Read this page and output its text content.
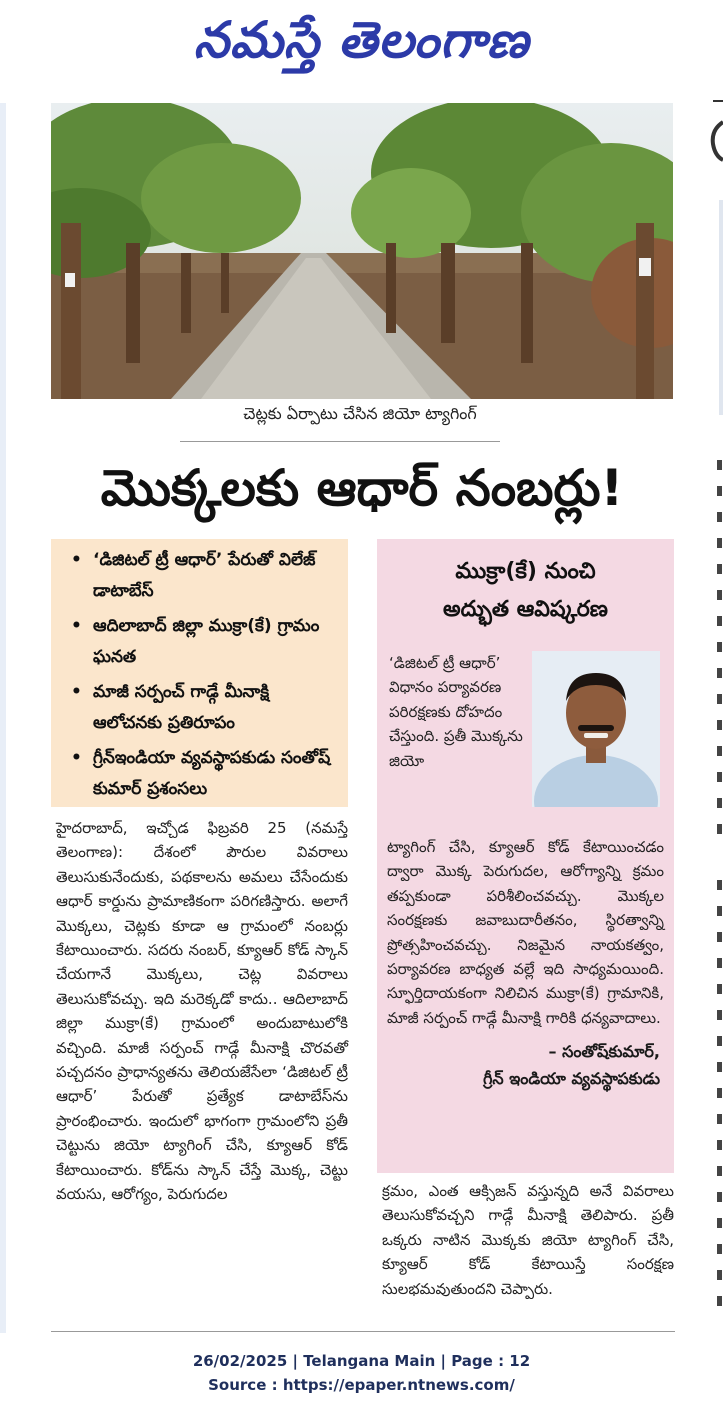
నమస్తే తెలంగాణ
చెట్లకు ఏర్పాటు చేసిన జియో ట్యాగింగ్
మొక్కలకు ఆధార్ నంబర్లు!
• ‘డిజిటల్ ట్రీ ఆధార్’ పేరుతో విలేజ్ డాటాబేస్
• ఆదిలాబాద్ జిల్లా ముక్రా(కే) గ్రామం ఘనత
• మాజీ సర్పంచ్ గాడ్గే మీనాక్షి ఆలోచనకు ప్రతిరూపం
• గ్రీన్ఇండియా వ్యవస్థాపకుడు సంతోష్ కుమార్ ప్రశంసలు
హైదరాబాద్, ఇచ్చోడ ఫిబ్రవరి 25 (నమస్తే తెలంగాణ): దేశంలో పౌరుల వివరాలు తెలుసుకునేందుకు, పథకాలను అమలు చేసేందుకు ఆధార్ కార్డును ప్రామాణికంగా పరిగణిస్తారు. అలాగే మొక్కలు, చెట్లకు కూడా ఆ గ్రామంలో నంబర్లు కేటాయించారు. సదరు నంబర్, క్యూఆర్ కోడ్ స్కాన్ చేయగానే మొక్కలు, చెట్ల వివరాలు తెలుసుకోవచ్చు. ఇది మరెక్కడో కాదు.. ఆదిలాబాద్ జిల్లా ముక్రా(కే) గ్రామంలో అందుబాటులోకి వచ్చింది. మాజీ సర్పంచ్ గాడ్గే మీనాక్షి చొరవతో పచ్చదనం ప్రాధాన్యతను తెలియజేసేలా ‘డిజిటల్ ట్రీ ఆధార్’ పేరుతో ప్రత్యేక డాటాబేస్‌ను ప్రారంభించారు. ఇందులో భాగంగా గ్రామంలోని ప్రతీ చెట్టును జియో ట్యాగింగ్ చేసి, క్యూఆర్ కోడ్ కేటాయించారు. కోడ్‌ను స్కాన్ చేస్తే మొక్క, చెట్టు వయసు, ఆరోగ్యం, పెరుగుదల
ముక్రా(కే) నుంచి
అద్భుత ఆవిష్కరణ
‘డిజిటల్ ట్రీ ఆధార్’ విధానం పర్యావరణ పరిరక్షణకు దోహదం చేస్తుంది. ప్రతీ మొక్కను జియో
ట్యాగింగ్ చేసి, క్యూఆర్ కోడ్ కేటాయించడం ద్వారా మొక్క పెరుగుదల, ఆరోగ్యాన్ని క్రమం తప్పకుండా పరిశీలించవచ్చు. మొక్కల సంరక్షణకు జవాబుదారీతనం, స్థిరత్వాన్ని ప్రోత్సహించవచ్చు. నిజమైన నాయకత్వం, పర్యావరణ బాధ్యత వల్లే ఇది సాధ్యమయింది. స్ఫూర్తిదాయకంగా నిలిచిన ముక్రా(కే) గ్రామానికి, మాజీ సర్పంచ్ గాడ్గే మీనాక్షి గారికి ధన్యవాదాలు.
– సంతోష్‌కుమార్,
గ్రీన్ ఇండియా వ్యవస్థాపకుడు
క్రమం, ఎంత ఆక్సిజన్ వస్తున్నది అనే వివరాలు తెలుసుకోవచ్చని గాడ్గే మీనాక్షి తెలిపారు. ప్రతీ ఒక్కరు నాటిన మొక్కకు జియో ట్యాగింగ్ చేసి, క్యూఆర్ కోడ్ కేటాయిస్తే సంరక్షణ సులభమవుతుందని చెప్పారు.
26/02/2025 | Telangana Main | Page : 12
Source : https://epaper.ntnews.com/
